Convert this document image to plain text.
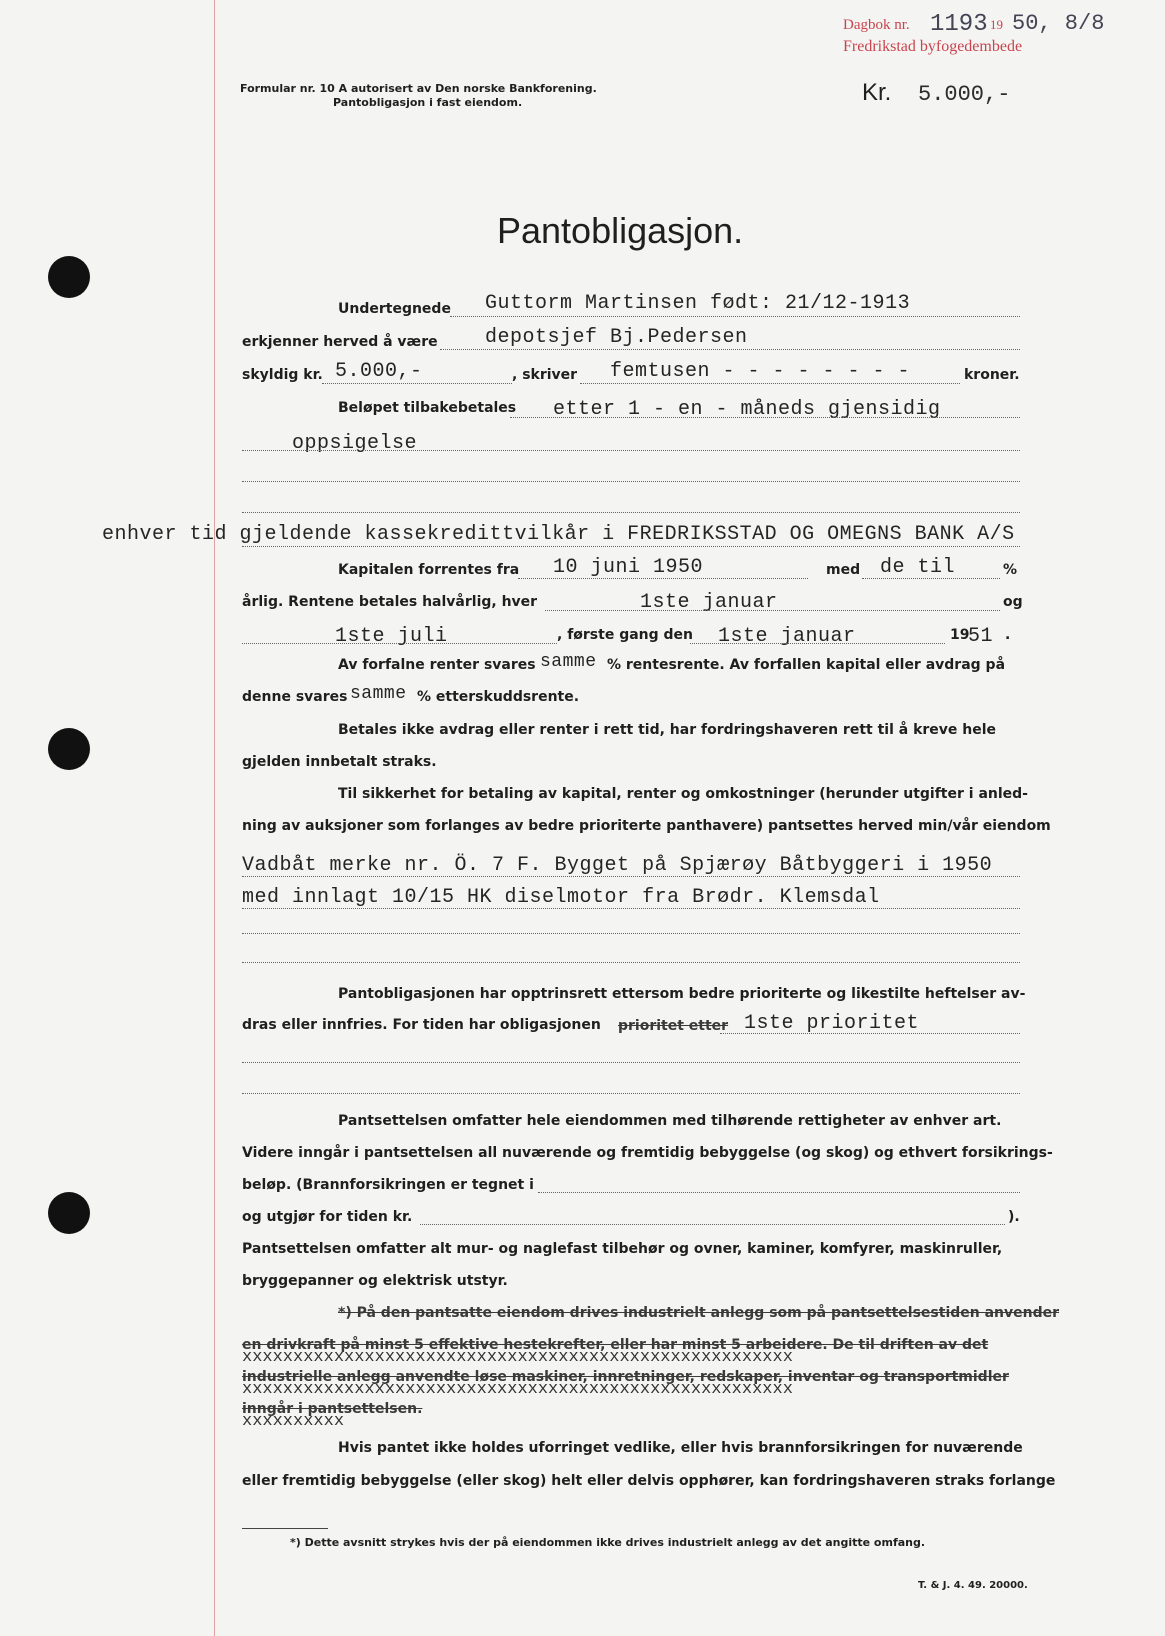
Formular nr. 10 A autorisert av Den norske Bankforening.
Pantobligasjon i fast eiendom.
Dagbok nr. 1193 19 50, 8/8
Fredrikstad byfogedembede
Kr. 5.000,-
Pantobligasjon.
Undertegnede Guttorm Martinsen født: 21/12-1913
erkjenner herved å være depotsjef Bj.Pedersen
skyldig kr. 5.000,-	, skriver femtusen - - - - - - - -	kroner.
Beløpet tilbakebetales etter 1 - en - måneds gjensidig
oppsigelse
enhver tid gjeldende kassekredittvilkår i FREDRIKSSTAD OG OMEGNS BANK A/S
Kapitalen forrentes fra 10 juni 1950	med de til	%
årlig. Rentene betales halvårlig, hver	1ste januar	og
1ste juli	, første gang den 1ste januar	19
51 .
Av forfalne renter svares samme % rentesrente. Av forfallen kapital eller avdrag på
denne svares samme % etterskuddsrente.
Betales ikke avdrag eller renter i rett tid, har fordringshaveren rett til å kreve hele
gjelden innbetalt straks.
Til sikkerhet for betaling av kapital, renter og omkostninger (herunder utgifter i anled-
ning av auksjoner som forlanges av bedre prioriterte panthavere) pantsettes herved min/vår eiendom
Vadbåt merke nr. Ö. 7 F. Bygget på Spjærøy Båtbyggeri i 1950
med innlagt 10/15 HK diselmotor fra Brødr. Klemsdal
Pantobligasjonen har opptrinsrett ettersom bedre prioriterte og likestilte heftelser av-
dras eller innfries. For tiden har obligasjonen prioritet etter 1ste prioritet
Pantsettelsen omfatter hele eiendommen med tilhørende rettigheter av enhver art.
Videre inngår i pantsettelsen all nuværende og fremtidig bebyggelse (og skog) og ethvert forsikrings-
beløp. (Brannforsikringen er tegnet i
og utgjør for tiden kr.	).
Pantsettelsen omfatter alt mur- og naglefast tilbehør og ovner, kaminer, komfyrer, maskinruller,
bryggepanner og elektrisk utstyr.
*) På den pantsatte eiendom drives industrielt anlegg som på pantsettelsestiden anvender
en drivkraft på minst 5 effektive hestekrefter, eller har minst 5 arbeidere. De til driften av det
xxxxxxxxxxxxxxxxxxxxxxxxxxxxxxxxxxxxxxxxxxxxxxxxxxxxxx
industrielle anlegg anvendte løse maskiner, innretninger, redskaper, inventar og transportmidler
xxxxxxxxxxxxxxxxxxxxxxxxxxxxxxxxxxxxxxxxxxxxxxxxxxxxxx
inngår i pantsettelsen.
xxxxxxxxxx
Hvis pantet ikke holdes uforringet vedlike, eller hvis brannforsikringen for nuværende
eller fremtidig bebyggelse (eller skog) helt eller delvis opphører, kan fordringshaveren straks forlange
*) Dette avsnitt strykes hvis der på eiendommen ikke drives industrielt anlegg av det angitte omfang.
T. & J. 4. 49. 20000.
